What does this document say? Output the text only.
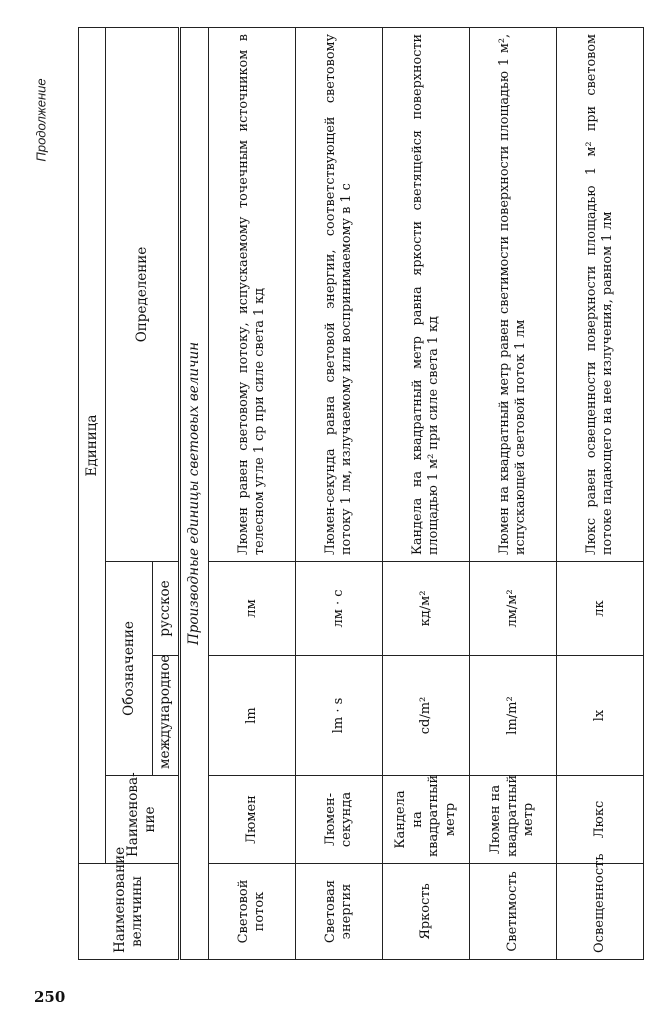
Продолжение
Наименование величины	Единица			
	Наименова-ние	Обозначение		Определение
		международное	русское	
Производные единицы световых величин				
Световой поток	Люмен	lm	лм	Люмен равен световому потоку, испускаемому точечным источником в телесном угле 1 ср при силе света 1 кд
Световая энергия	Люмен-секунда	lm · s	лм · с	Люмен-секунда равна световой энергии, соответствующей световому потоку 1 лм, излучаемому или воспринимаемому в 1 с
Яркость	Кандела на квадратный метр	cd/m²	кд/м²	Кандела на квадратный метр равна яркости светящейся поверхности площадью 1 м² при силе света 1 кд
Светимость	Люмен на квадратный метр	lm/m²	лм/м²	Люмен на квадратный метр равен светимости поверхности площадью 1 м², испускающей световой поток 1 лм
Освещенность	Люкс	lx	лк	Люкс равен освещенности поверхности площадью 1 м² при световом потоке падающего на нее излучения, равном 1 лм
250
